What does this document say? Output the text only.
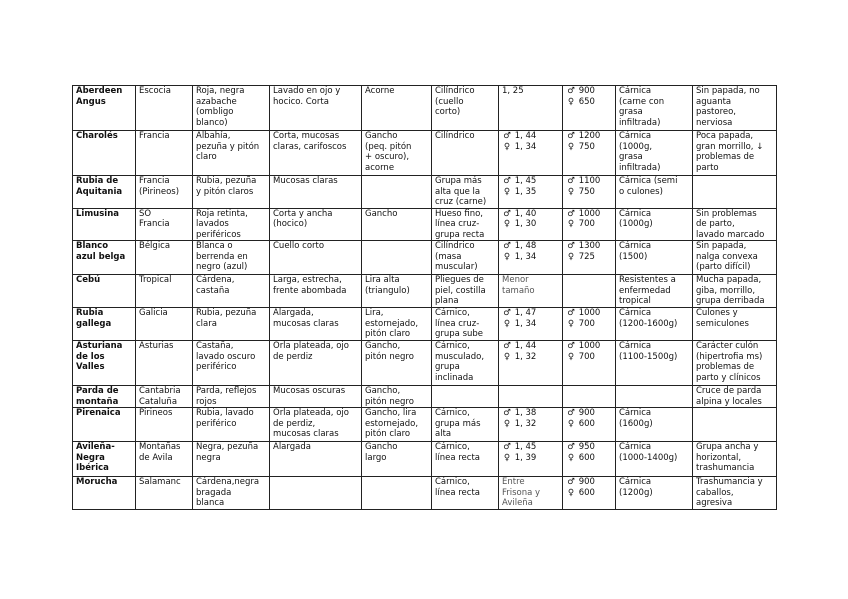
Aberdeen
Angus	Escocia	Roja, negra
azabache
(ombligo
blanco)	Lavado en ojo y
hocico. Corta	Acorne	Cilíndrico
(cuello
corto)	1, 25	♂ 900
♀ 650	Cárnica
(carne con
grasa
infiltrada)	Sin papada, no
aguanta
pastoreo,
nerviosa

Charolés	Francia	Albahía,
pezuña y pitón
claro	Corta, mucosas
claras, carifoscos	Gancho
(peq. pitón
+ oscuro),
acorne	Cilíndrico	♂ 1, 44
♀ 1, 34	♂ 1200
♀ 750	Cárnica
(1000g,
grasa
infiltrada)	Poca papada,
gran morrillo, ↓
problemas de
parto

Rubia de
Aquitania	Francia
(Pirineos)	Rubia, pezuña
y pitón claros	Mucosas claras		Grupa más
alta que la
cruz (carne)	♂ 1, 45
♀ 1, 35	♂ 1100
♀ 750	Cárnica (semi
o culones)	

Limusina	SO
Francia	Roja retinta,
lavados
periféricos	Corta y ancha
(hocico)	Gancho	Hueso fino,
línea cruz-
grupa recta	♂ 1, 40
♀ 1, 30	♂ 1000
♀ 700	Cárnica
(1000g)	Sin problemas
de parto,
lavado marcado

Blanco
azul belga	Bélgica	Blanca o
berrenda en
negro (azul)	Cuello corto		Cilíndrico
(masa
muscular)	♂ 1, 48
♀ 1, 34	♂ 1300
♀ 725	Cárnica
(1500)	Sin papada,
nalga convexa
(parto difícil)

Cebú	Tropical	Cárdena,
castaña	Larga, estrecha,
frente abombada	Lira alta
(triangulo)	Pliegues de
piel, costilla
plana	Menor
tamaño		Resistentes a
enfermedad
tropical	Mucha papada,
giba, morrillo,
grupa derribada

Rubia
gallega	Galicia	Rubia, pezuña
clara	Alargada,
mucosas claras	Lira,
estornejado,
pitón claro	Cárnico,
línea cruz-
grupa sube	♂ 1, 47
♀ 1, 34	♂ 1000
♀ 700	Cárnica
(1200-1600g)	Culones y
semiculones

Asturiana
de los
Valles	Asturias	Castaña,
lavado oscuro
periférico	Orla plateada, ojo
de perdiz	Gancho,
pitón negro	Cárnico,
musculado,
grupa
inclinada	♂ 1, 44
♀ 1, 32	♂ 1000
♀ 700	Cárnica
(1100-1500g)	Carácter culón
(hipertrofia ms)
problemas de
parto y clínicos

Parda de
montaña	Cantabria
Cataluña	Parda, reflejos
rojos	Mucosas oscuras	Gancho,
pitón negro					Cruce de parda
alpina y locales

Pirenaica	Pirineos	Rubia, lavado
periférico	Orla plateada, ojo
de perdiz,
mucosas claras	Gancho, lira
estornejado,
pitón claro	Cárnico,
grupa más
alta	♂ 1, 38
♀ 1, 32	♂ 900
♀ 600	Cárnica
(1600g)	

Avileña-
Negra
Ibérica	Montañas
de Avila	Negra, pezuña
negra	Alargada	Gancho
largo	Cárnico,
línea recta	♂ 1, 45
♀ 1, 39	♂ 950
♀ 600	Cárnica
(1000-1400g)	Grupa ancha y
horizontal,
trashumancia

Morucha	Salamanc	Cárdena,negra
bragada
blanca			Cárnico,
línea recta	Entre
Frisona y
Avileña	♂ 900
♀ 600	Cárnica
(1200g)	Trashumancia y
caballos,
agresiva
